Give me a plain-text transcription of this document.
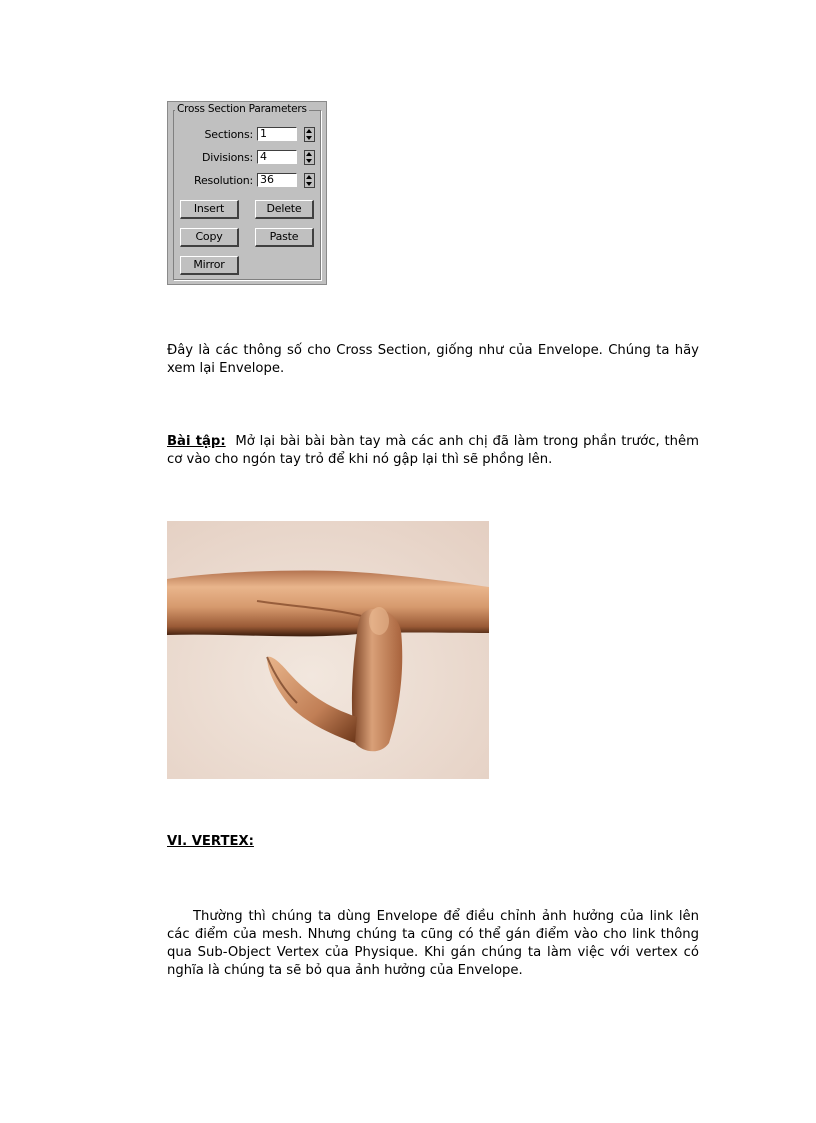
Cross Section Parameters
Sections: 1
Divisions: 4
Resolution: 36
Insert	Delete
Copy	Paste
Mirror
Đây là các thông số cho Cross Section, giống như của Envelope. Chúng ta hãy xem lại Envelope.
Bài tập: Mở lại bài bài bàn tay mà các anh chị đã làm trong phần trước, thêm cơ vào cho ngón tay trỏ để khi nó gập lại thì sẽ phồng lên.
VI. VERTEX:
Thường thì chúng ta dùng Envelope để điều chỉnh ảnh hưởng của link lên các điểm của mesh. Nhưng chúng ta cũng có thể gán điểm vào cho link thông qua Sub-Object Vertex của Physique. Khi gán chúng ta làm việc với vertex có nghĩa là chúng ta sẽ bỏ qua ảnh hưởng của Envelope.
